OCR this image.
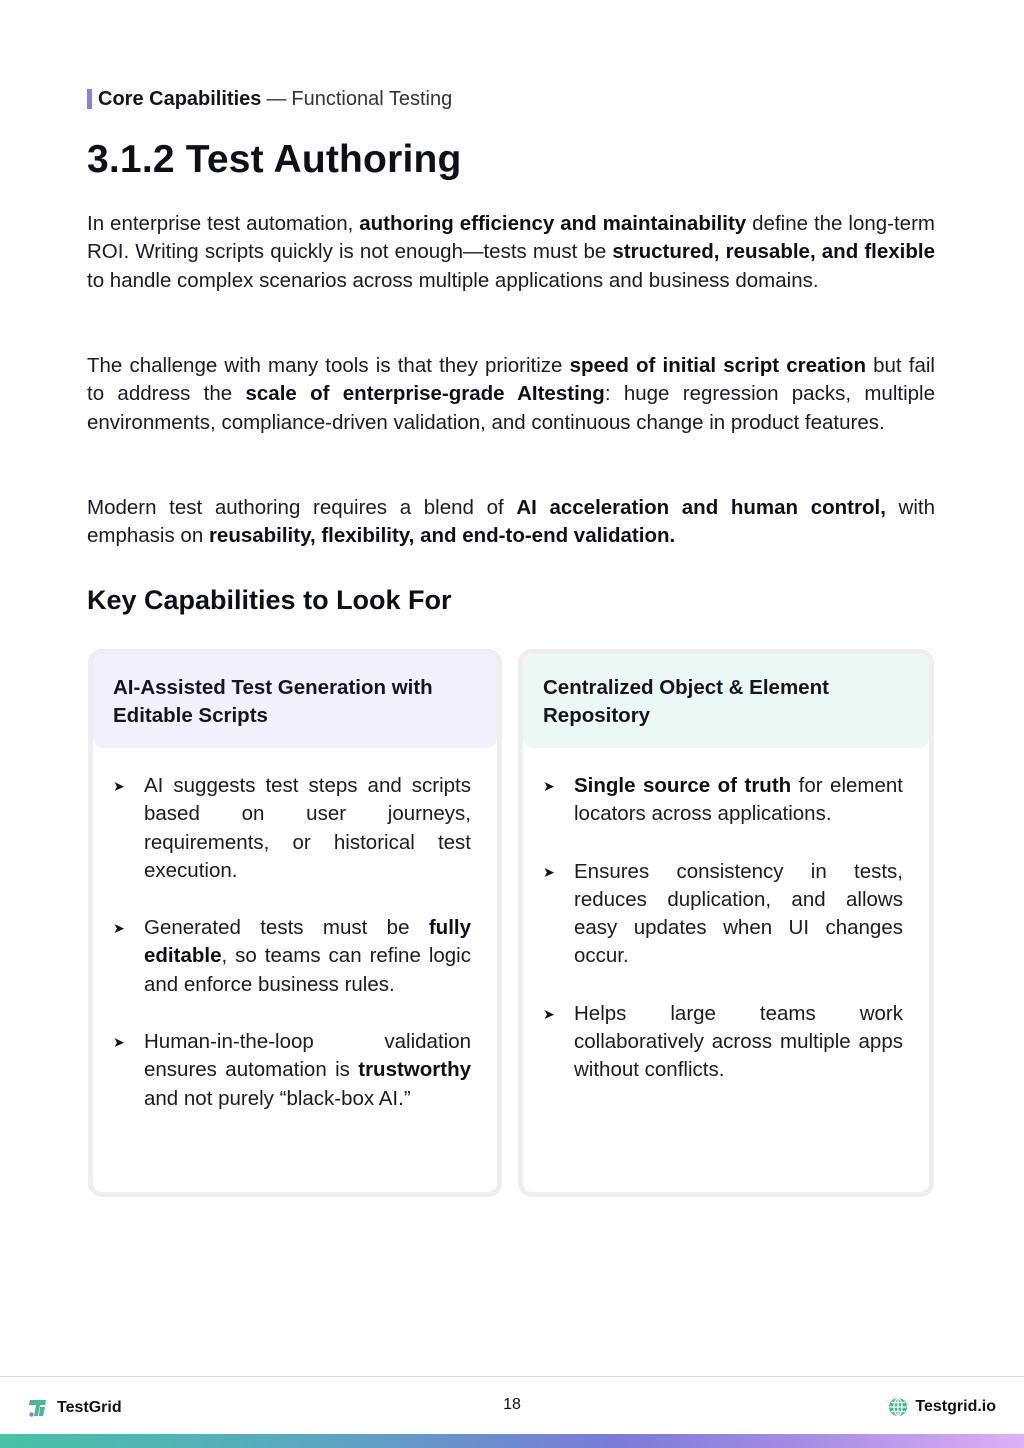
Core Capabilities — Functional Testing
3.1.2 Test Authoring

In enterprise test automation, authoring efficiency and maintainability define the long-term ROI. Writing scripts quickly is not enough—tests must be structured, reusable, and flexible to handle complex scenarios across multiple applications and business domains.

The challenge with many tools is that they prioritize speed of initial script creation but fail to address the scale of enterprise-grade AItesting: huge regression packs, multiple environments, compliance-driven validation, and continuous change in product features.

Modern test authoring requires a blend of AI acceleration and human control, with emphasis on reusability, flexibility, and end-to-end validation.

Key Capabilities to Look For
AI-Assisted Test Generation with Editable Scripts
➤ AI suggests test steps and scripts based on user journeys, requirements, or historical test execution.
➤ Generated tests must be fully editable, so teams can refine logic and enforce business rules.
➤ Human-in-the-loop validation ensures automation is trustworthy and not purely “black-box AI.”
Centralized Object & Element Repository
➤ Single source of truth for element locators across applications.
➤ Ensures consistency in tests, reduces duplication, and allows easy updates when UI changes occur.
➤ Helps large teams work collaboratively across multiple apps without conflicts.
TestGrid	18	Testgrid.io
